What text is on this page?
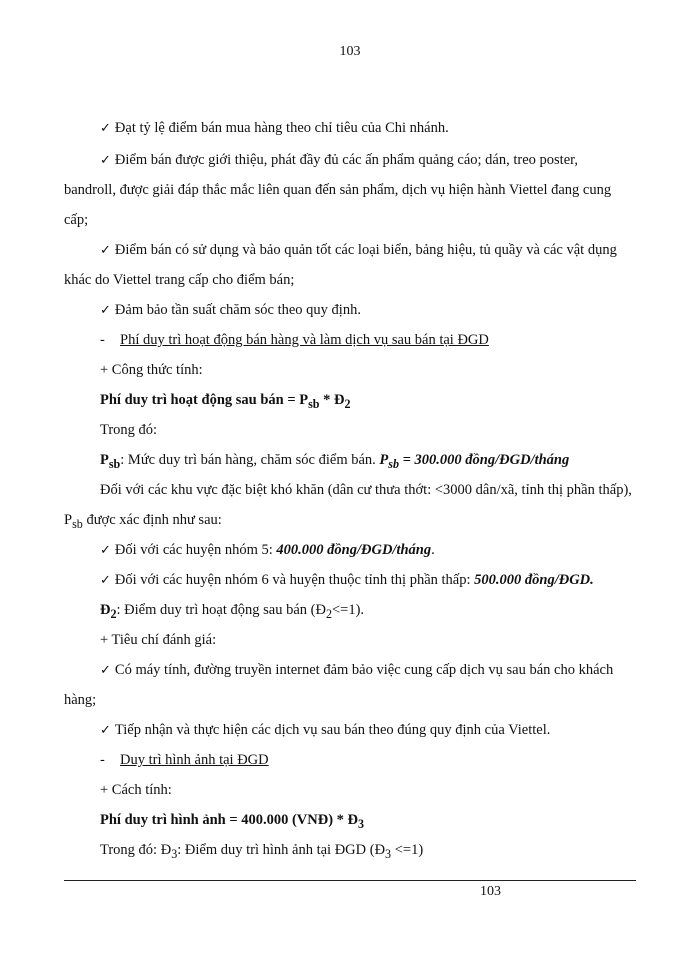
103
✓ Đạt tỷ lệ điểm bán mua hàng theo chỉ tiêu của Chi nhánh.
✓ Điểm bán được giới thiệu, phát đầy đủ các ấn phẩm quảng cáo; dán, treo poster,
bandroll, được giải đáp thắc mắc liên quan đến sản phẩm, dịch vụ hiện hành Viettel đang cung
cấp;
✓ Điểm bán có sử dụng và bảo quản tốt các loại biển, bảng hiệu, tủ quầy và các vật dụng
khác do Viettel trang cấp cho điểm bán;
✓ Đảm bảo tần suất chăm sóc theo quy định.
- Phí duy trì hoạt động bán hàng và làm dịch vụ sau bán tại ĐGD
+ Công thức tính:
Phí duy trì hoạt động sau bán = $P_{sb}$ * $Đ_2$
Trong đó:
$P_{sb}$: Mức duy trì bán hàng, chăm sóc điểm bán. $P_{sb} = 300.000$ đồng/ĐGD/tháng
Đối với các khu vực đặc biệt khó khăn (dân cư thưa thớt: <3000 dân/xã, tỉnh thị phần thấp),
$P_{sb}$ được xác định như sau:
✓ Đối với các huyện nhóm 5: 400.000 đồng/ĐGD/tháng.
✓ Đối với các huyện nhóm 6 và huyện thuộc tỉnh thị phần thấp: 500.000 đồng/ĐGD.
$Đ_2$: Điểm duy trì hoạt động sau bán $(Đ_2<=1)$.
+ Tiêu chí đánh giá:
✓ Có máy tính, đường truyền internet đảm bảo việc cung cấp dịch vụ sau bán cho khách
hàng;
✓ Tiếp nhận và thực hiện các dịch vụ sau bán theo đúng quy định của Viettel.
- Duy trì hình ảnh tại ĐGD
+ Cách tính:
Phí duy trì hình ảnh = 400.000 (VNĐ) * $Đ_3$
Trong đó: $Đ_3$: Điểm duy trì hình ảnh tại ĐGD $(Đ_3 <=1)$
103
